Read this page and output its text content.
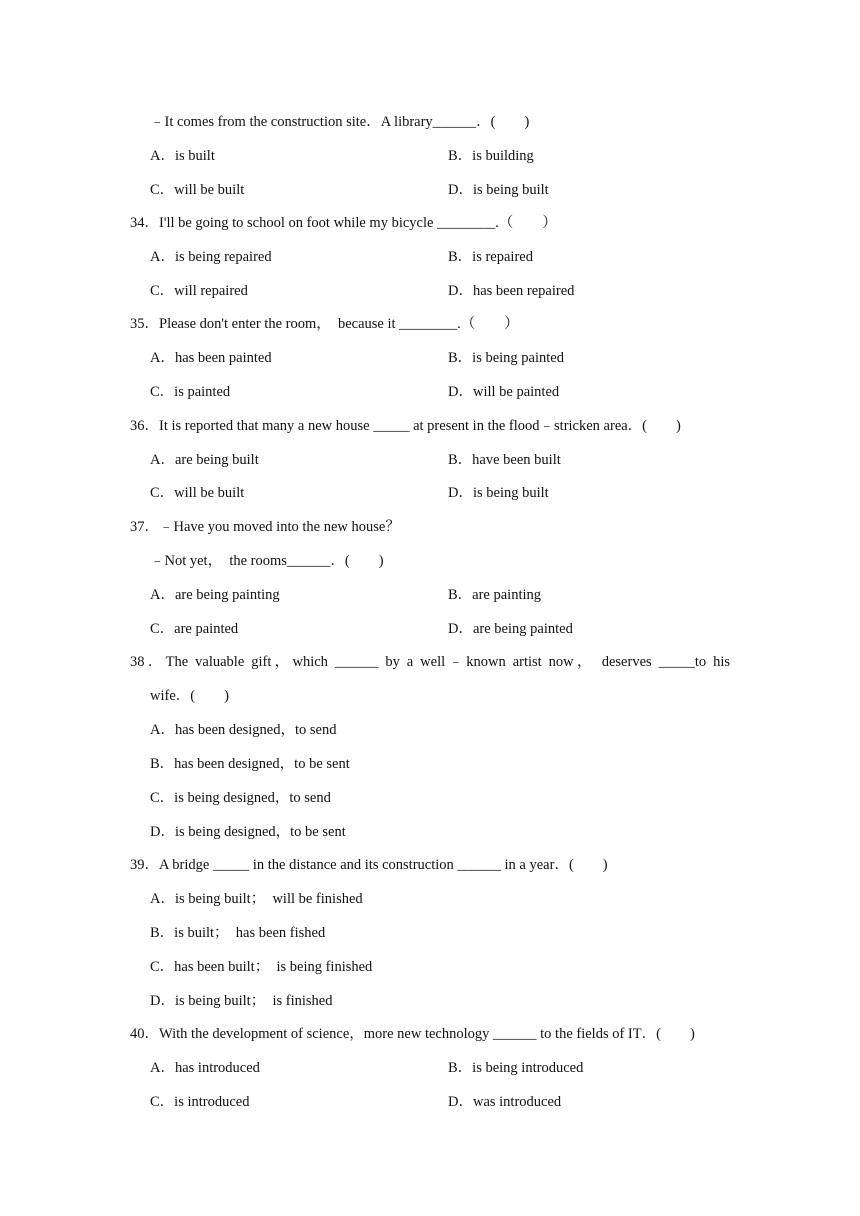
﹣It comes from the construction site．A library______．(　　)
A．is built	B．is building
C．will be built	D．is being built
34．I'll be going to school on foot while my bicycle ________.（　　）
A．is being repaired	B．is repaired
C．will repaired	D．has been repaired
35．Please don't enter the room，  because it ________.（　　）
A．has been painted	B．is being painted
C．is painted	D．will be painted
36．It is reported that many a new house _____ at present in the flood﹣stricken area．(　　)
A．are being built	B．have been built
C．will be built	D．is being built
37．﹣Have you moved into the new house？
﹣Not yet，  the rooms______．(　　)
A．are being painting	B．are painting
C．are painted	D．are being painted
38．The valuable gift，which ______ by a well﹣known artist now， deserves _____to his
wife．(　　)
A．has been designed，to send
B．has been designed，to be sent
C．is being designed，to send
D．is being designed，to be sent
39．A bridge _____ in the distance and its construction ______ in a year．(　　)
A．is being built；  will be finished
B．is built；  has been fished
C．has been built；  is being finished
D．is being built；  is finished
40．With the development of science，more new technology ______ to the fields of IT．(　　)
A．has introduced	B．is being introduced
C．is introduced	D．was introduced
